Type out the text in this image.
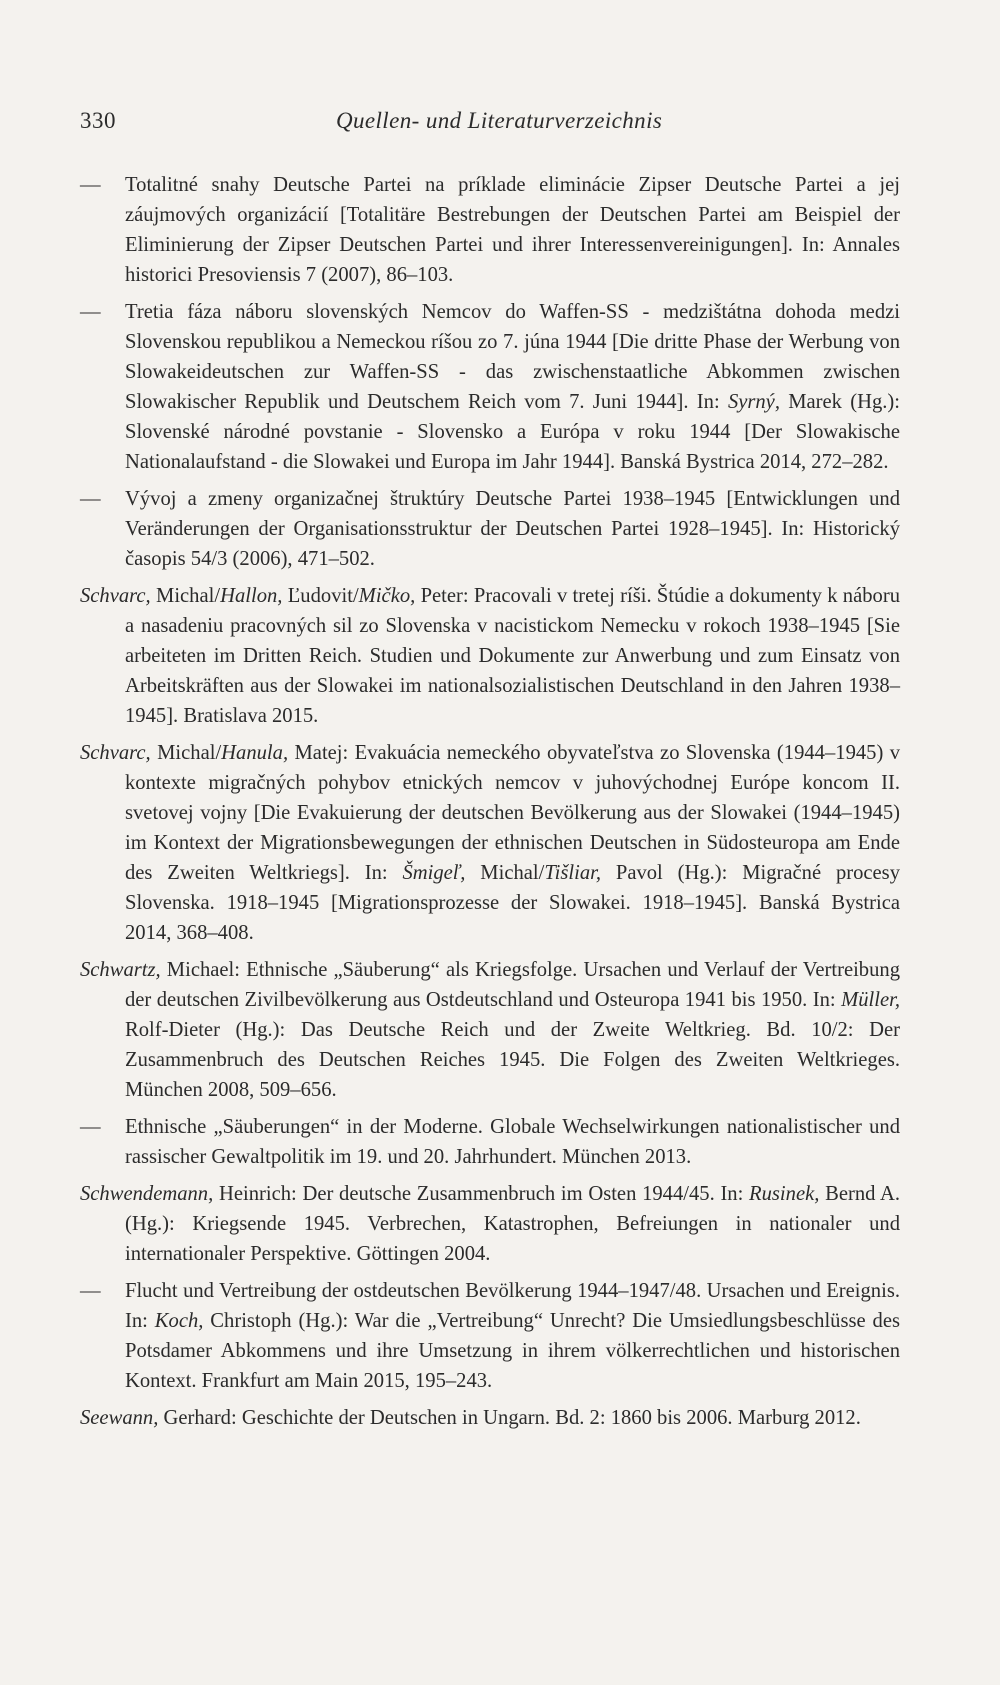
330	Quellen- und Literaturverzeichnis

— Totalitné snahy Deutsche Partei na príklade eliminácie Zipser Deutsche Partei a jej záujmových organizácií [Totalitäre Bestrebungen der Deutschen Partei am Beispiel der Eliminierung der Zipser Deutschen Partei und ihrer Interessenvereinigungen]. In: Annales historici Presoviensis 7 (2007), 86–103.

— Tretia fáza náboru slovenských Nemcov do Waffen-SS - medzištátna dohoda medzi Slovenskou republikou a Nemeckou ríšou zo 7. júna 1944 [Die dritte Phase der Werbung von Slowakeideutschen zur Waffen-SS - das zwischenstaatliche Abkommen zwischen Slowakischer Republik und Deutschem Reich vom 7. Juni 1944]. In: Syrný, Marek (Hg.): Slovenské národné povstanie - Slovensko a Európa v roku 1944 [Der Slowakische Nationalaufstand - die Slowakei und Europa im Jahr 1944]. Banská Bystrica 2014, 272–282.

— Vývoj a zmeny organizačnej štruktúry Deutsche Partei 1938–1945 [Entwicklungen und Veränderungen der Organisationsstruktur der Deutschen Partei 1928–1945]. In: Historický časopis 54/3 (2006), 471–502.

Schvarc, Michal/Hallon, Ľudovit/Mičko, Peter: Pracovali v tretej ríši. Štúdie a dokumenty k náboru a nasadeniu pracovných sil zo Slovenska v nacistickom Nemecku v rokoch 1938–1945 [Sie arbeiteten im Dritten Reich. Studien und Dokumente zur Anwerbung und zum Einsatz von Arbeitskräften aus der Slowakei im nationalsozialistischen Deutschland in den Jahren 1938–1945]. Bratislava 2015.

Schvarc, Michal/Hanula, Matej: Evakuácia nemeckého obyvateľstva zo Slovenska (1944–1945) v kontexte migračných pohybov etnických nemcov v juhovýchodnej Európe koncom II. svetovej vojny [Die Evakuierung der deutschen Bevölkerung aus der Slowakei (1944–1945) im Kontext der Migrationsbewegungen der ethnischen Deutschen in Südosteuropa am Ende des Zweiten Weltkriegs]. In: Šmigeľ, Michal/Tišliar, Pavol (Hg.): Migračné procesy Slovenska. 1918–1945 [Migrationsprozesse der Slowakei. 1918–1945]. Banská Bystrica 2014, 368–408.

Schwartz, Michael: Ethnische „Säuberung“ als Kriegsfolge. Ursachen und Verlauf der Vertreibung der deutschen Zivilbevölkerung aus Ostdeutschland und Osteuropa 1941 bis 1950. In: Müller, Rolf-Dieter (Hg.): Das Deutsche Reich und der Zweite Weltkrieg. Bd. 10/2: Der Zusammenbruch des Deutschen Reiches 1945. Die Folgen des Zweiten Weltkrieges. München 2008, 509–656.

— Ethnische „Säuberungen“ in der Moderne. Globale Wechselwirkungen nationalistischer und rassischer Gewaltpolitik im 19. und 20. Jahrhundert. München 2013.

Schwendemann, Heinrich: Der deutsche Zusammenbruch im Osten 1944/45. In: Rusinek, Bernd A. (Hg.): Kriegsende 1945. Verbrechen, Katastrophen, Befreiungen in nationaler und internationaler Perspektive. Göttingen 2004.

— Flucht und Vertreibung der ostdeutschen Bevölkerung 1944–1947/48. Ursachen und Ereignis. In: Koch, Christoph (Hg.): War die „Vertreibung“ Unrecht? Die Umsiedlungsbeschlüsse des Potsdamer Abkommens und ihre Umsetzung in ihrem völkerrechtlichen und historischen Kontext. Frankfurt am Main 2015, 195–243.

Seewann, Gerhard: Geschichte der Deutschen in Ungarn. Bd. 2: 1860 bis 2006. Marburg 2012.
